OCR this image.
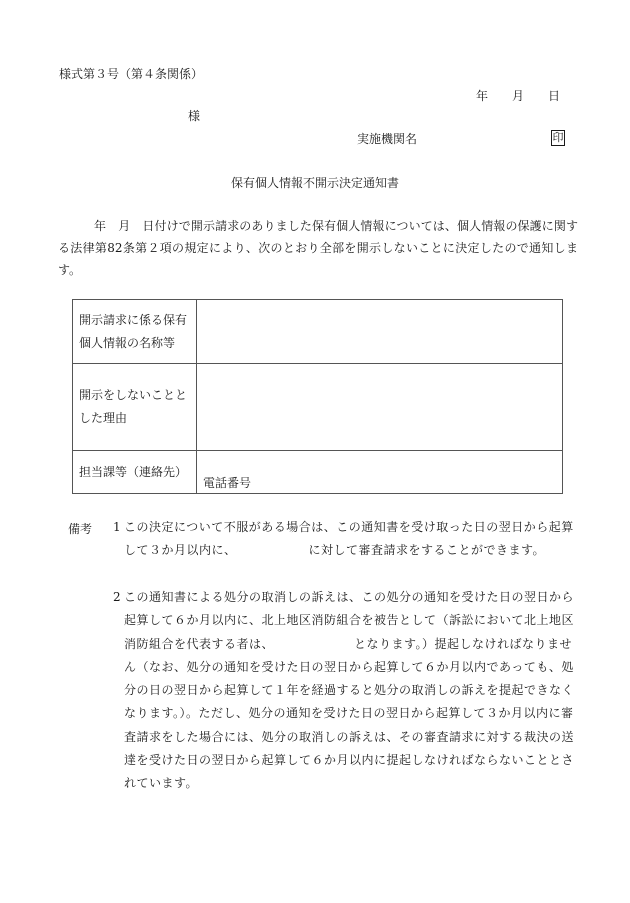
様式第３号（第４条関係）
年 月 日
様
実施機関名	印
保有個人情報不開示決定通知書

年　月　日付けで開示請求のありました保有個人情報については、個人情報の保護に関する法律第82条第２項の規定により、次のとおり全部を開示しないことに決定したので通知します。

開示請求に係る保有個人情報の名称等	
開示をしないこととした理由	
担当課等（連絡先）	電話番号
備考 1 この決定について不服がある場合は、この通知書を受け取った日の翌日から起算して３か月以内に、	に対して審査請求をすることができます。
2 この通知書による処分の取消しの訴えは、この処分の通知を受けた日の翌日から起算して６か月以内に、北上地区消防組合を被告として（訴訟において北上地区消防組合を代表する者は、	となります。）提起しなければなりません（なお、処分の通知を受けた日の翌日から起算して６か月以内であっても、処分の日の翌日から起算して１年を経過すると処分の取消しの訴えを提起できなくなります。）。ただし、処分の通知を受けた日の翌日から起算して３か月以内に審査請求をした場合には、処分の取消しの訴えは、その審査請求に対する裁決の送達を受けた日の翌日から起算して６か月以内に提起しなければならないこととされています。
